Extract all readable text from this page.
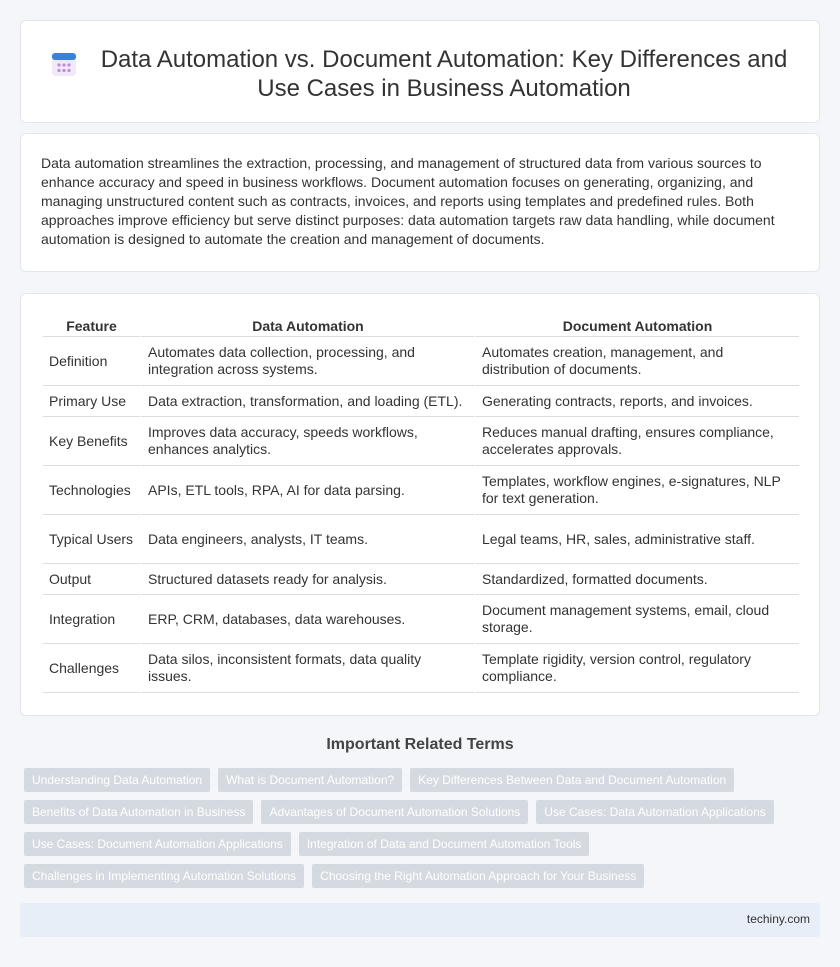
Data Automation vs. Document Automation: Key Differences and Use Cases in Business Automation

Data automation streamlines the extraction, processing, and management of structured data from various sources to enhance accuracy and speed in business workflows. Document automation focuses on generating, organizing, and managing unstructured content such as contracts, invoices, and reports using templates and predefined rules. Both approaches improve efficiency but serve distinct purposes: data automation targets raw data handling, while document automation is designed to automate the creation and management of documents.

Feature	Data Automation	Document Automation
Definition	Automates data collection, processing, and integration across systems.	Automates creation, management, and distribution of documents.
Primary Use	Data extraction, transformation, and loading (ETL).	Generating contracts, reports, and invoices.
Key Benefits	Improves data accuracy, speeds workflows, enhances analytics.	Reduces manual drafting, ensures compliance, accelerates approvals.
Technologies	APIs, ETL tools, RPA, AI for data parsing.	Templates, workflow engines, e-signatures, NLP for text generation.
Typical Users	Data engineers, analysts, IT teams.	Legal teams, HR, sales, administrative staff.
Output	Structured datasets ready for analysis.	Standardized, formatted documents.
Integration	ERP, CRM, databases, data warehouses.	Document management systems, email, cloud storage.
Challenges	Data silos, inconsistent formats, data quality issues.	Template rigidity, version control, regulatory compliance.
Important Related Terms
Understanding Data Automation	What is Document Automation?	Key Differences Between Data and Document Automation
Benefits of Data Automation in Business	Advantages of Document Automation Solutions	Use Cases: Data Automation Applications
Use Cases: Document Automation Applications	Integration of Data and Document Automation Tools
Challenges in Implementing Automation Solutions	Choosing the Right Automation Approach for Your Business
techiny.com
